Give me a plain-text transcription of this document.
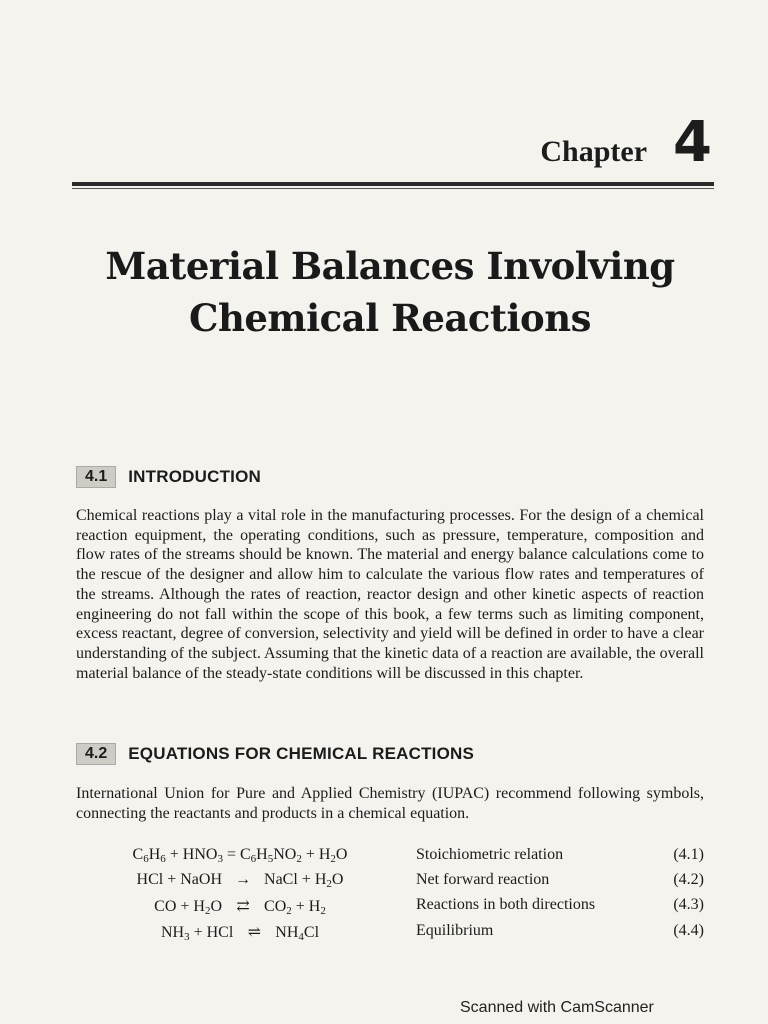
Chapter 4
Material Balances Involving
Chemical Reactions
4.1	INTRODUCTION
Chemical reactions play a vital role in the manufacturing processes. For the design of a chemical reaction equipment, the operating conditions, such as pressure, temperature, composition and flow rates of the streams should be known. The material and energy balance calculations come to the rescue of the designer and allow him to calculate the various flow rates and temperatures of the streams. Although the rates of reaction, reactor design and other kinetic aspects of reaction engineering do not fall within the scope of this book, a few terms such as limiting component, excess reactant, degree of conversion, selectivity and yield will be defined in order to have a clear understanding of the subject. Assuming that the kinetic data of a reaction are available, the overall material balance of the steady-state conditions will be discussed in this chapter.
4.2	EQUATIONS FOR CHEMICAL REACTIONS
International Union for Pure and Applied Chemistry (IUPAC) recommend following symbols, connecting the reactants and products in a chemical equation.
$C_6H_6 + HNO_3 = C_6H_5NO_2 + H_2O$	Stoichiometric relation	(4.1)
HCl + NaOH → NaCl + $H_2O$	Net forward reaction	(4.2)
CO + $H_2O$ ⇄ $CO_2 + H_2$	Reactions in both directions	(4.3)
$NH_3$ + HCl ⇌ $NH_4Cl$	Equilibrium	(4.4)
Scanned with CamScanner
